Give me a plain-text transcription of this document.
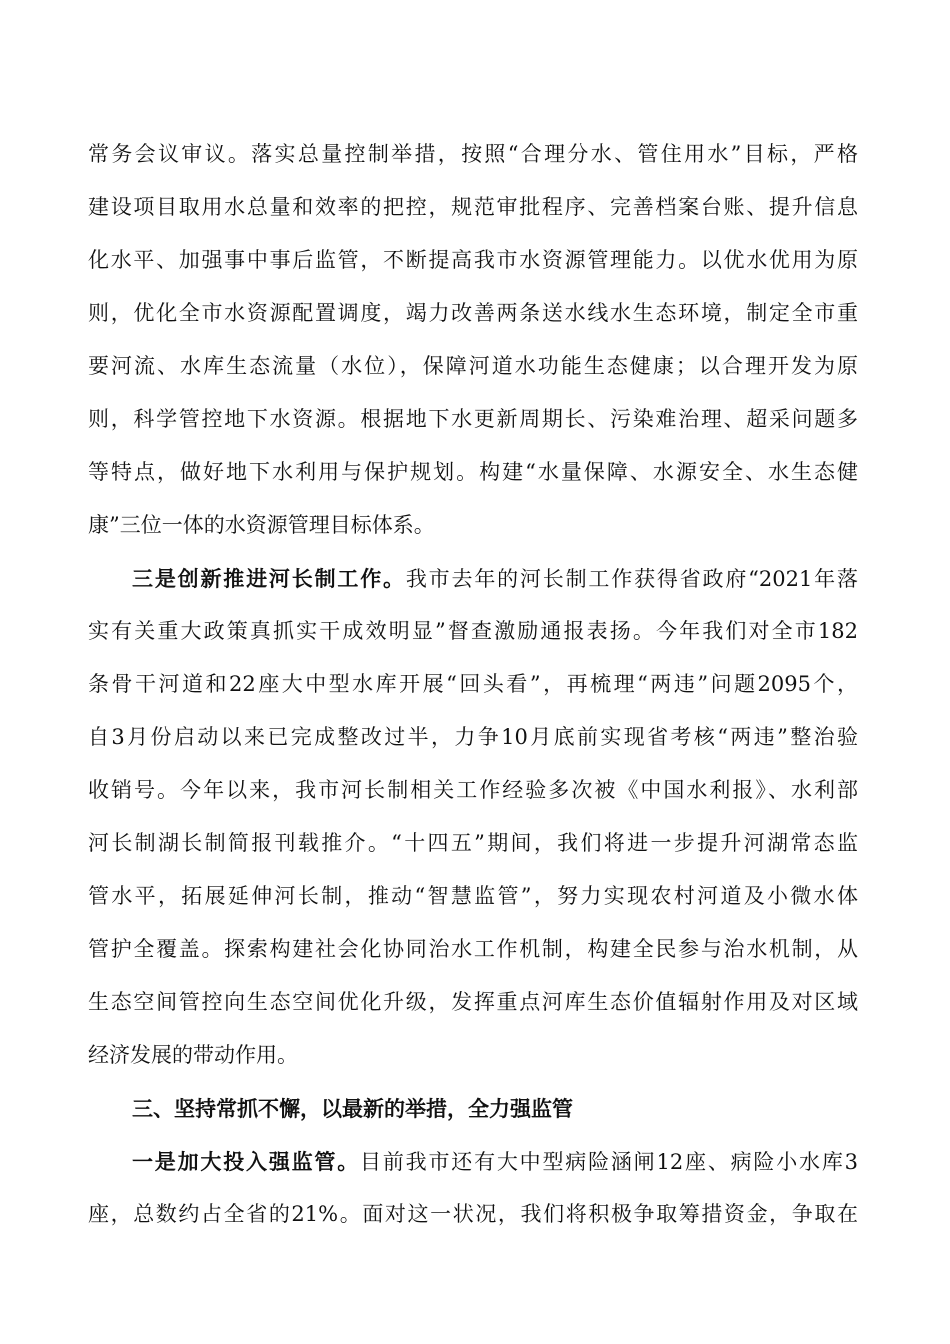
常务会议审议。落实总量控制举措，按照“合理分水、管住用水”目标，严格
建设项目取用水总量和效率的把控，规范审批程序、完善档案台账、提升信息
化水平、加强事中事后监管，不断提高我市水资源管理能力。以优水优用为原
则，优化全市水资源配置调度，竭力改善两条送水线水生态环境，制定全市重
要河流、水库生态流量（水位），保障河道水功能生态健康；以合理开发为原
则，科学管控地下水资源。根据地下水更新周期长、污染难治理、超采问题多
等特点，做好地下水利用与保护规划。构建“水量保障、水源安全、水生态健
康”三位一体的水资源管理目标体系。
三是创新推进河长制工作。我市去年的河长制工作获得省政府“2021年落
实有关重大政策真抓实干成效明显”督查激励通报表扬。今年我们对全市182
条骨干河道和22座大中型水库开展“回头看”，再梳理“两违”问题2095个，
自3月份启动以来已完成整改过半，力争10月底前实现省考核“两违”整治验
收销号。今年以来，我市河长制相关工作经验多次被《中国水利报》、水利部
河长制湖长制简报刊载推介。“十四五”期间，我们将进一步提升河湖常态监
管水平，拓展延伸河长制，推动“智慧监管”，努力实现农村河道及小微水体
管护全覆盖。探索构建社会化协同治水工作机制，构建全民参与治水机制，从
生态空间管控向生态空间优化升级，发挥重点河库生态价值辐射作用及对区域
经济发展的带动作用。
三、坚持常抓不懈，以最新的举措，全力强监管
一是加大投入强监管。目前我市还有大中型病险涵闸12座、病险小水库3
座，总数约占全省的21%。面对这一状况，我们将积极争取筹措资金，争取在
